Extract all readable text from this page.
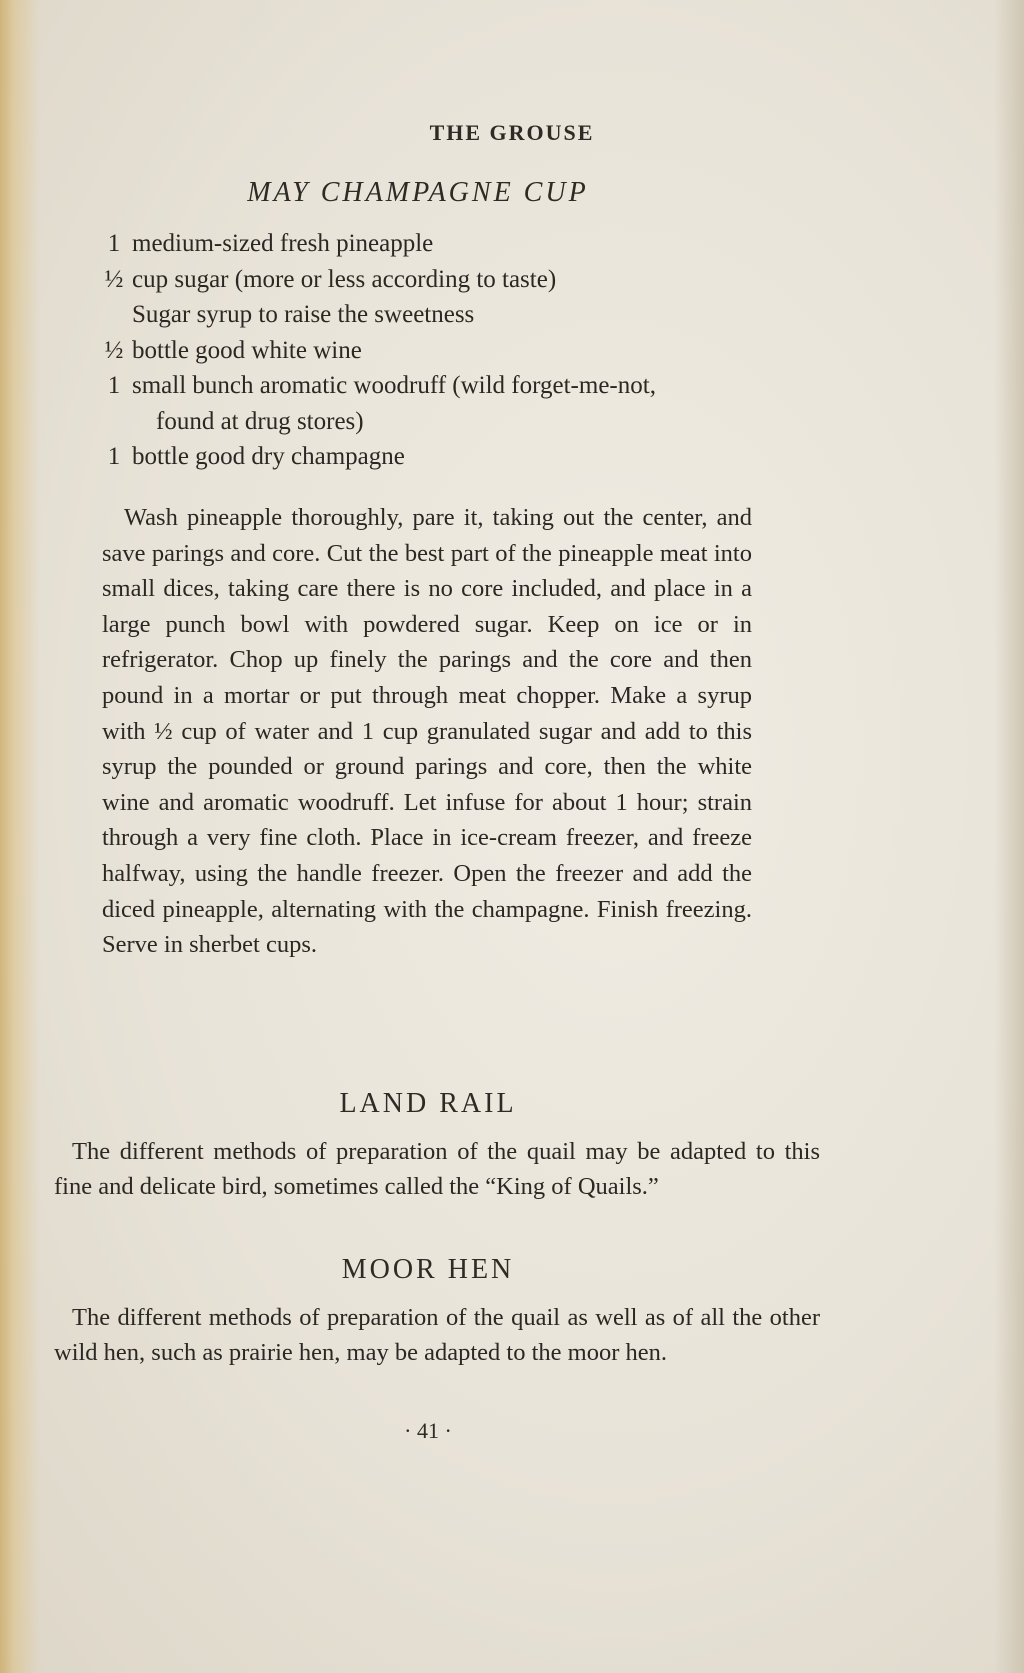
THE GROUSE
MAY CHAMPAGNE CUP
1 medium-sized fresh pineapple
½ cup sugar (more or less according to taste)
Sugar syrup to raise the sweetness
½ bottle good white wine
1 small bunch aromatic woodruff (wild forget-me-not,
found at drug stores)
1 bottle good dry champagne

Wash pineapple thoroughly, pare it, taking out the center, and save parings and core. Cut the best part of the pineapple meat into small dices, taking care there is no core included, and place in a large punch bowl with powdered sugar. Keep on ice or in refrigerator. Chop up finely the parings and the core and then pound in a mortar or put through meat chopper. Make a syrup with ½ cup of water and 1 cup granulated sugar and add to this syrup the pounded or ground parings and core, then the white wine and aromatic woodruff. Let infuse for about 1 hour; strain through a very fine cloth. Place in ice-cream freezer, and freeze halfway, using the handle freezer. Open the freezer and add the diced pineapple, alternating with the champagne. Finish freezing. Serve in sherbet cups.

LAND RAIL

The different methods of preparation of the quail may be adapted to this fine and delicate bird, sometimes called the “King of Quails.”

MOOR HEN

The different methods of preparation of the quail as well as of all the other wild hen, such as prairie hen, may be adapted to the moor hen.

· 41 ·
